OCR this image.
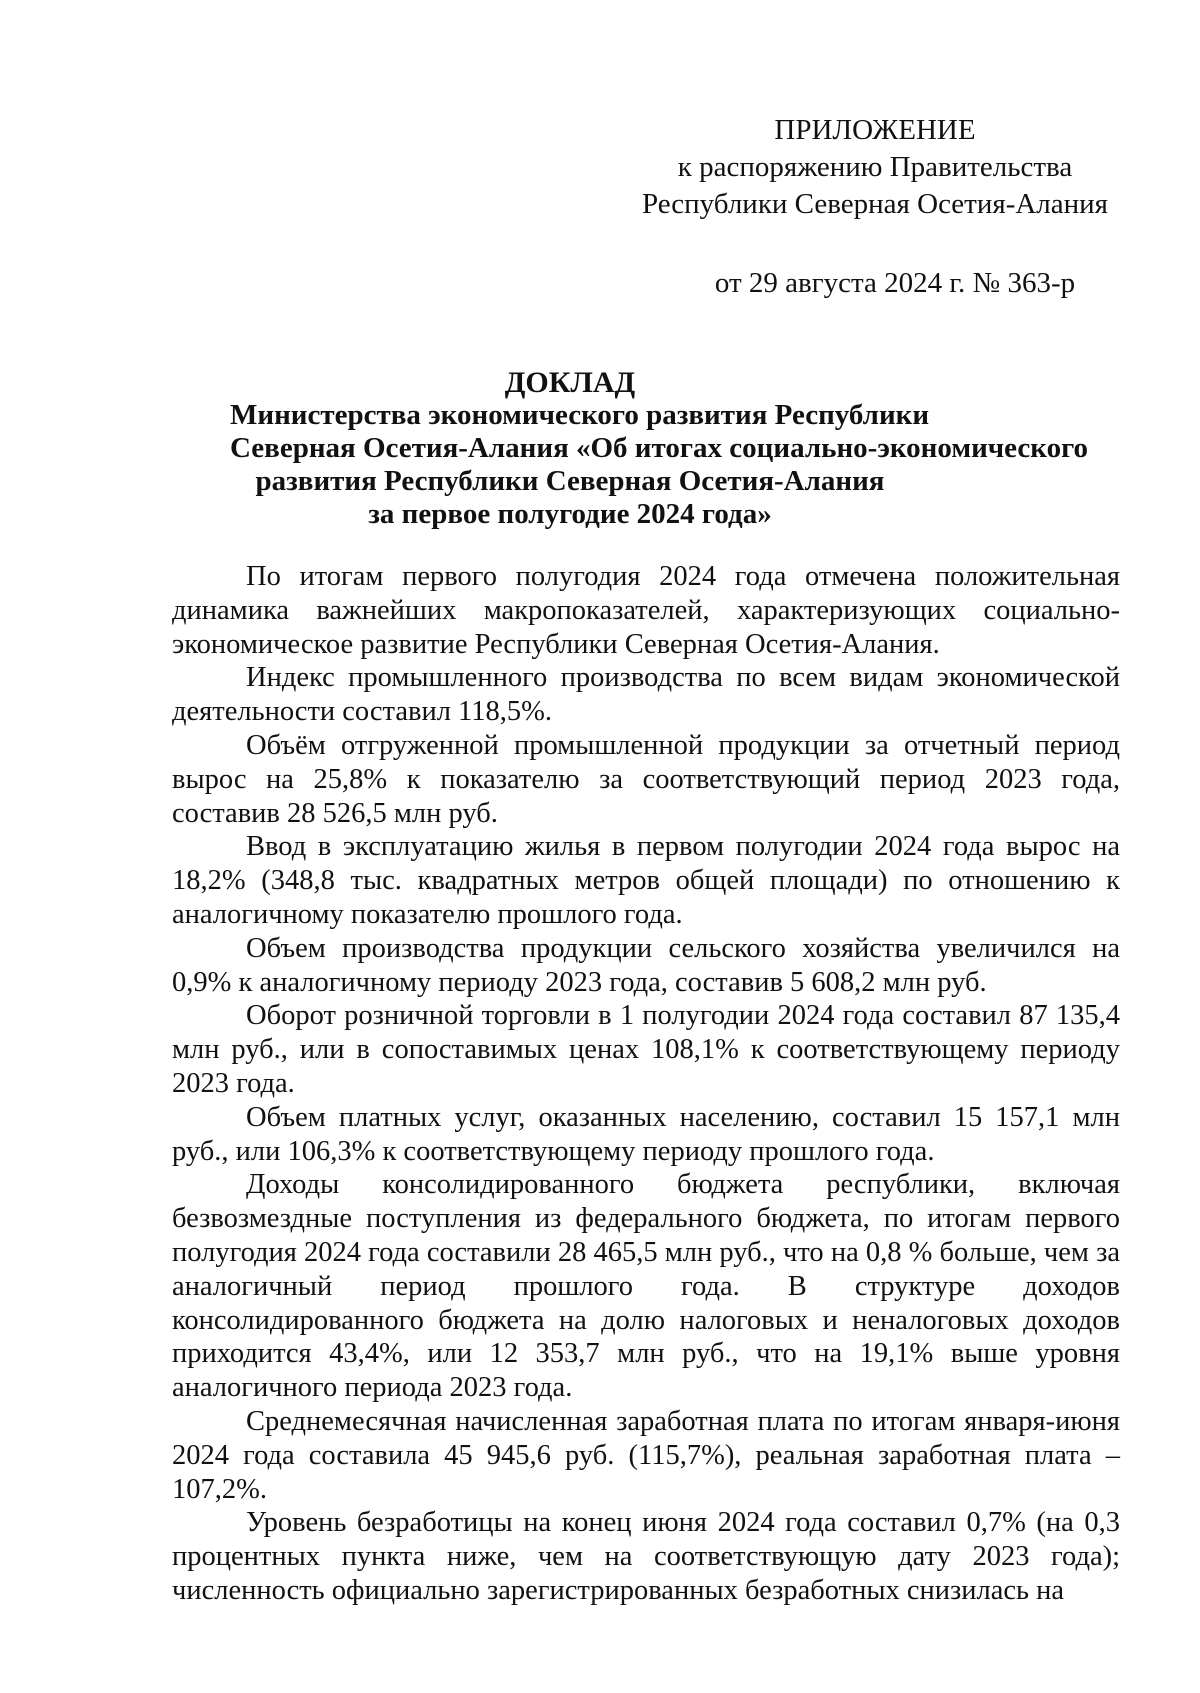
ПРИЛОЖЕНИЕ
к распоряжению Правительства
Республики Северная Осетия-Алания
от 29 августа 2024 г. № 363-р
ДОКЛАД
Министерства экономического развития Республики
Северная Осетия-Алания «Об итогах социально-экономического
развития Республики Северная Осетия-Алания
за первое полугодие 2024 года»

По итогам первого полугодия 2024 года отмечена положительная динамика важнейших макропоказателей, характеризующих социально-экономическое развитие Республики Северная Осетия-Алания.

Индекс промышленного производства по всем видам экономической деятельности составил 118,5%.

Объём отгруженной промышленной продукции за отчетный период вырос на 25,8% к показателю за соответствующий период 2023 года, составив 28 526,5 млн руб.

Ввод в эксплуатацию жилья в первом полугодии 2024 года вырос на 18,2% (348,8 тыс. квадратных метров общей площади) по отношению к аналогичному показателю прошлого года.

Объем производства продукции сельского хозяйства увеличился на 0,9% к аналогичному периоду 2023 года, составив 5 608,2 млн руб.

Оборот розничной торговли в 1 полугодии 2024 года составил 87 135,4 млн руб., или в сопоставимых ценах 108,1% к соответствующему периоду 2023 года.

Объем платных услуг, оказанных населению, составил 15 157,1 млн руб., или 106,3% к соответствующему периоду прошлого года.

Доходы консолидированного бюджета республики, включая безвозмездные поступления из федерального бюджета, по итогам первого полугодия 2024 года составили 28 465,5 млн руб., что на 0,8 % больше, чем за аналогичный период прошлого года. В структуре доходов консолидированного бюджета на долю налоговых и неналоговых доходов приходится 43,4%, или 12 353,7 млн руб., что на 19,1% выше уровня аналогичного периода 2023 года.

Среднемесячная начисленная заработная плата по итогам января-июня 2024 года составила 45 945,6 руб. (115,7%), реальная заработная плата – 107,2%.

Уровень безработицы на конец июня 2024 года составил 0,7% (на 0,3 процентных пункта ниже, чем на соответствующую дату 2023 года); численность официально зарегистрированных безработных снизилась на
